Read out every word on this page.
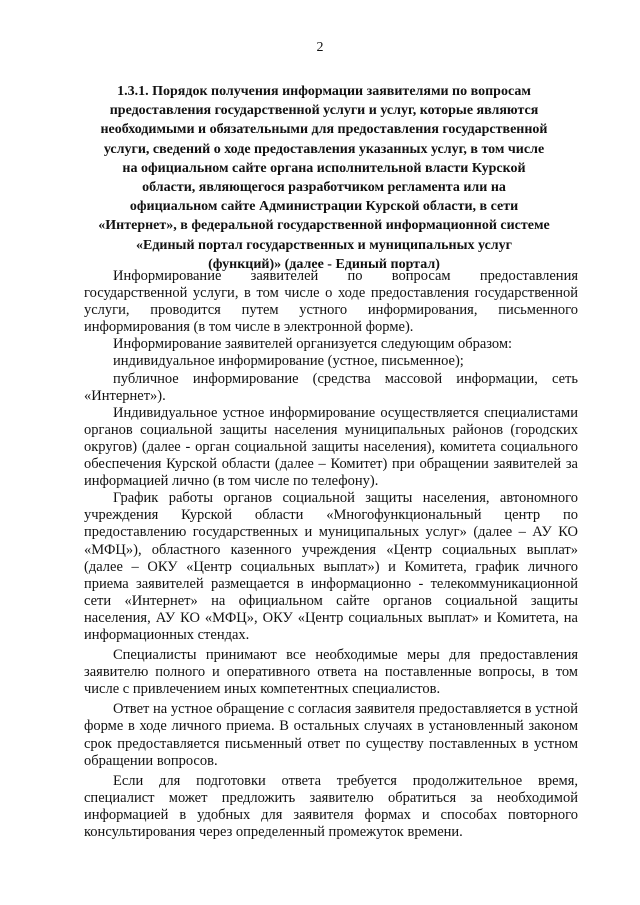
2
1.3.1. Порядок получения информации заявителями по вопросам
предоставления государственной услуги и услуг, которые являются
необходимыми и обязательными для предоставления государственной
услуги, сведений о ходе предоставления указанных услуг, в том числе
на официальном сайте органа исполнительной власти Курской
области, являющегося разработчиком регламента или на
официальном сайте Администрации Курской области, в сети
«Интернет», в федеральной государственной информационной системе
«Единый портал государственных и муниципальных услуг
(функций)» (далее - Единый портал)

Информирование заявителей по вопросам предоставления государственной услуги, в том числе о ходе предоставления государственной услуги, проводится путем устного информирования, письменного информирования (в том числе в электронной форме).

Информирование заявителей организуется следующим образом:

индивидуальное информирование (устное, письменное);

публичное информирование (средства массовой информации, сеть «Интернет»).

Индивидуальное устное информирование осуществляется специалистами органов социальной защиты населения муниципальных районов (городских округов) (далее - орган социальной защиты населения), комитета социального обеспечения Курской области (далее – Комитет) при обращении заявителей за информацией лично (в том числе по телефону).

График работы органов социальной защиты населения, автономного учреждения Курской области «Многофункциональный центр по предоставлению государственных и муниципальных услуг» (далее – АУ КО «МФЦ»), областного казенного учреждения «Центр социальных выплат» (далее – ОКУ «Центр социальных выплат») и Комитета, график личного приема заявителей размещается в информационно - телекоммуникационной сети «Интернет» на официальном сайте органов социальной защиты населения, АУ КО «МФЦ», ОКУ «Центр социальных выплат» и Комитета, на информационных стендах.

Специалисты принимают все необходимые меры для предоставления заявителю полного и оперативного ответа на поставленные вопросы, в том числе с привлечением иных компетентных специалистов.

Ответ на устное обращение с согласия заявителя предоставляется в устной форме в ходе личного приема. В остальных случаях в установленный законом срок предоставляется письменный ответ по существу поставленных в устном обращении вопросов.

Если для подготовки ответа требуется продолжительное время, специалист может предложить заявителю обратиться за необходимой информацией в удобных для заявителя формах и способах повторного консультирования через определенный промежуток времени.
